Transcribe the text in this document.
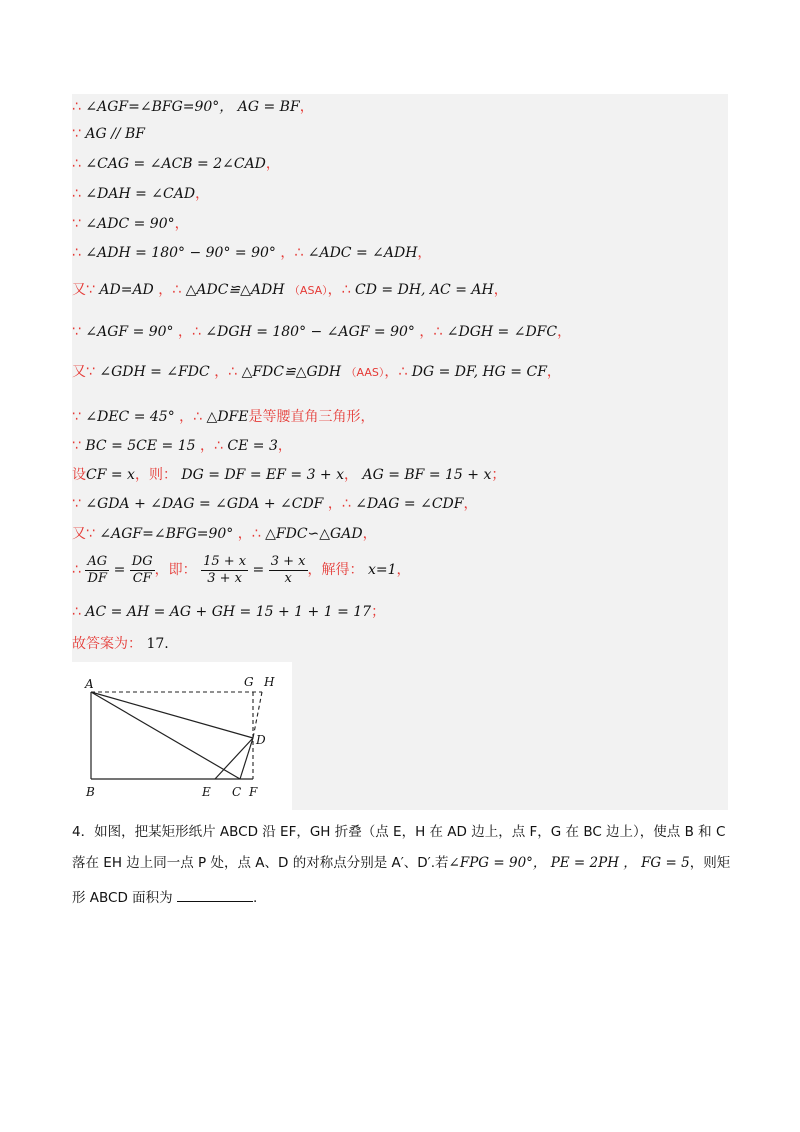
∴ ∠AGF=∠BFG=90°， AG = BF，
∵ AG // BF
∴ ∠CAG = ∠ACB = 2∠CAD，
∴ ∠DAH = ∠CAD，
∵ ∠ADC = 90°，
∴ ∠ADH = 180° − 90° = 90° ，∴ ∠ADC = ∠ADH，
又∵ AD=AD ，∴ △ADC≌△ADH （ASA），∴ CD = DH, AC = AH，
∵ ∠AGF = 90° ，∴ ∠DGH = 180° − ∠AGF = 90° ，∴ ∠DGH = ∠DFC，
又∵ ∠GDH = ∠FDC ，∴ △FDC≌△GDH （AAS），∴ DG = DF, HG = CF，
∵ ∠DEC = 45° ，∴ △DFE是等腰直角三角形，
∵ BC = 5CE = 15 ，∴ CE = 3，
设CF = x，则： DG = DF = EF = 3 + x， AG = BF = 15 + x；
∵ ∠GDA + ∠DAG = ∠GDA + ∠CDF ，∴ ∠DAG = ∠CDF，
又∵ ∠AGF=∠BFG=90° ，∴ △FDC∽△GAD，
∴ $\frac{AG}{DF} = \frac{DG}{CF}$ ，即： $\frac{15 + x}{3 + x} = \frac{3 + x}{x}$ ，解得： x=1，
∴ AC = AH = AG + GH = 15 + 1 + 1 = 17；
故答案为： 17.
A
B	E C F
D
G H
4．如图，把某矩形纸片 ABCD 沿 EF，GH 折叠（点 E，H 在 AD 边上，点 F，G 在 BC 边上），使点 B 和 C
落在 EH 边上同一点 P 处，点 A、D 的对称点分别是 A′、D′.若∠FPG = 90°， PE = 2PH ， FG = 5，则矩
形 ABCD 面积为	.
